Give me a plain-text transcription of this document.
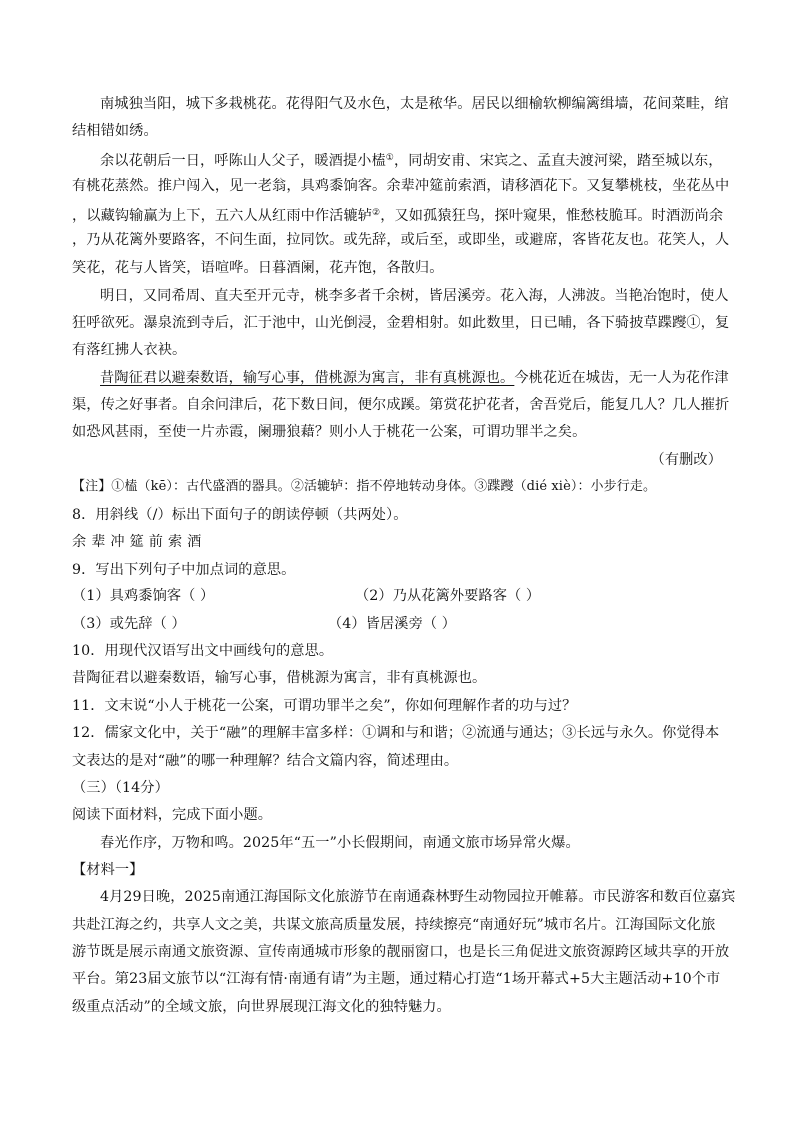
南城独当阳，城下多栽桃花。花得阳气及水色，太是秾华。居民以细榆软柳编篱缉墙，花间菜畦，绾
结相错如绣。
余以花朝后一日，呼陈山人父子，暖酒提小榼①，同胡安甫、宋宾之、孟直夫渡河梁，踏至城以东，
有桃花蒸然。推户闯入，见一老翁，具鸡黍饷客。余辈冲筵前索酒，请移酒花下。又复攀桃枝，坐花丛中
，以藏钩输赢为上下，五六人从红雨中作活辘轳②，又如孤猿狂鸟，探叶窥果，惟愁枝脆耳。时酒沥尚余
，乃从花篱外要路客，不问生面，拉同饮。或先辞，或后至，或即坐，或避席，客皆花友也。花笑人，人
笑花，花与人皆笑，语喧哗。日暮酒阑，花卉饱，各散归。
明日，又同希周、直夫至开元寺，桃李多者千余树，皆居溪旁。花入海，人沸波。当艳冶饱时，使人
狂呼欲死。瀑泉流到寺后，汇于池中，山光倒浸，金碧相射。如此数里，日已晡，各下骑披草蹀躞①，复
有落红拂人衣袂。
昔陶征君以避秦数语，输写心事，借桃源为寓言，非有真桃源也。今桃花近在城齿，无一人为花作津
渠，传之好事者。自余问津后，花下数日间，便尔成蹊。第赏花护花者，舍吾党后，能复几人？几人摧折
如恐风甚雨，至使一片赤霞，阑珊狼藉？则小人于桃花一公案，可谓功罪半之矣。
（有删改）
【注】①榼（kē）：古代盛酒的器具。②活辘轳：指不停地转动身体。③蹀躞（dié xiè）：小步行走。
8．用斜线（/）标出下面句子的朗读停顿（共两处）。
余辈冲筵前索酒
9．写出下列句子中加点词的意思。
（1）具鸡黍饷客（ ）	（2）乃从花篱外要路客（ ）
（3）或先辞（ ）	（4）皆居溪旁（ ）
10．用现代汉语写出文中画线句的意思。
昔陶征君以避秦数语，输写心事，借桃源为寓言，非有真桃源也。
11．文末说“小人于桃花一公案，可谓功罪半之矣”，你如何理解作者的功与过？
12．儒家文化中，关于“融”的理解丰富多样：①调和与和谐；②流通与通达；③长远与永久。你觉得本
文表达的是对“融”的哪一种理解？结合文篇内容，简述理由。
（三）（14分）
阅读下面材料，完成下面小题。
春光作序，万物和鸣。2025年“五一”小长假期间，南通文旅市场异常火爆。
【材料一】
4月29日晚，2025南通江海国际文化旅游节在南通森林野生动物园拉开帷幕。市民游客和数百位嘉宾
共赴江海之约，共享人文之美，共谋文旅高质量发展，持续擦亮“南通好玩”城市名片。江海国际文化旅
游节既是展示南通文旅资源、宣传南通城市形象的靓丽窗口，也是长三角促进文旅资源跨区域共享的开放
平台。第23届文旅节以“江海有情·南通有请”为主题，通过精心打造“1场开幕式+5大主题活动+10个市
级重点活动”的全域文旅，向世界展现江海文化的独特魅力。
